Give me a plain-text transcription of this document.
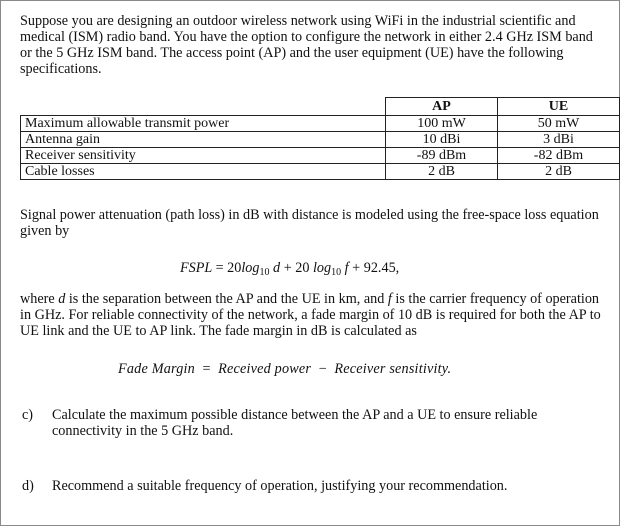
Suppose you are designing an outdoor wireless network using WiFi in the industrial scientific and medical (ISM) radio band. You have the option to configure the network in either 2.4 GHz ISM band or the 5 GHz ISM band. The access point (AP) and the user equipment (UE) have the following specifications.

	AP	UE
Maximum allowable transmit power	100 mW	50 mW
Antenna gain	10 dBi	3 dBi
Receiver sensitivity	-89 dBm	-82 dBm
Cable losses	2 dB	2 dB

Signal power attenuation (path loss) in dB with distance is modeled using the free-space loss equation given by

FSPL = $20\log_{10}$ d + 20 $\log_{10} f + 92.45$,

where d is the separation between the AP and the UE in km, and f is the carrier frequency of operation in GHz. For reliable connectivity of the network, a fade margin of 10 dB is required for both the AP to UE link and the UE to AP link. The fade margin in dB is calculated as

Fade Margin = Received power − Receiver sensitivity.

c) Calculate the maximum possible distance between the AP and a UE to ensure reliable connectivity in the 5 GHz band.
d) Recommend a suitable frequency of operation, justifying your recommendation.
